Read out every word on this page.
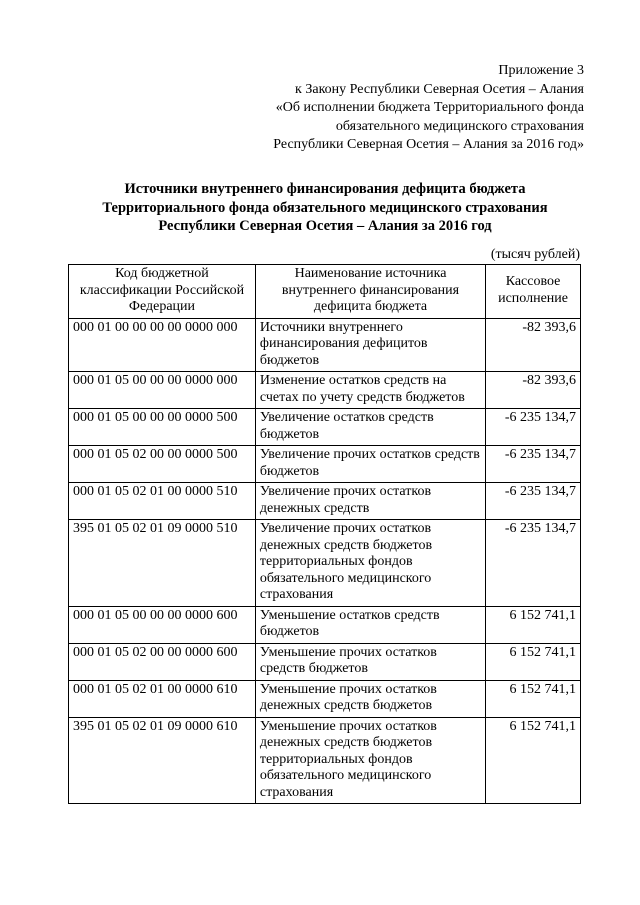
Приложение 3
к Закону Республики Северная Осетия – Алания
«Об исполнении бюджета Территориального фонда
обязательного медицинского страхования
Республики Северная Осетия – Алания за 2016 год»
Источники внутреннего финансирования дефицита бюджета
Территориального фонда обязательного медицинского страхования
Республики Северная Осетия – Алания за 2016 год
(тысяч рублей)
Код бюджетной классификации Российской Федерации	Наименование источника внутреннего финансирования дефицита бюджета	Кассовое исполнение
000 01 00 00 00 00 0000 000	Источники внутреннего финансирования дефицитов бюджетов	-82 393,6
000 01 05 00 00 00 0000 000	Изменение остатков средств на счетах по учету средств бюджетов	-82 393,6
000 01 05 00 00 00 0000 500	Увеличение остатков средств бюджетов	-6 235 134,7
000 01 05 02 00 00 0000 500	Увеличение прочих остатков средств бюджетов	-6 235 134,7
000 01 05 02 01 00 0000 510	Увеличение прочих остатков денежных средств	-6 235 134,7
395 01 05 02 01 09 0000 510	Увеличение прочих остатков денежных средств бюджетов территориальных фондов обязательного медицинского страхования	-6 235 134,7
000 01 05 00 00 00 0000 600	Уменьшение остатков средств бюджетов	6 152 741,1
000 01 05 02 00 00 0000 600	Уменьшение прочих остатков средств бюджетов	6 152 741,1
000 01 05 02 01 00 0000 610	Уменьшение прочих остатков денежных средств бюджетов	6 152 741,1
395 01 05 02 01 09 0000 610	Уменьшение прочих остатков денежных средств бюджетов территориальных фондов обязательного медицинского страхования	6 152 741,1
